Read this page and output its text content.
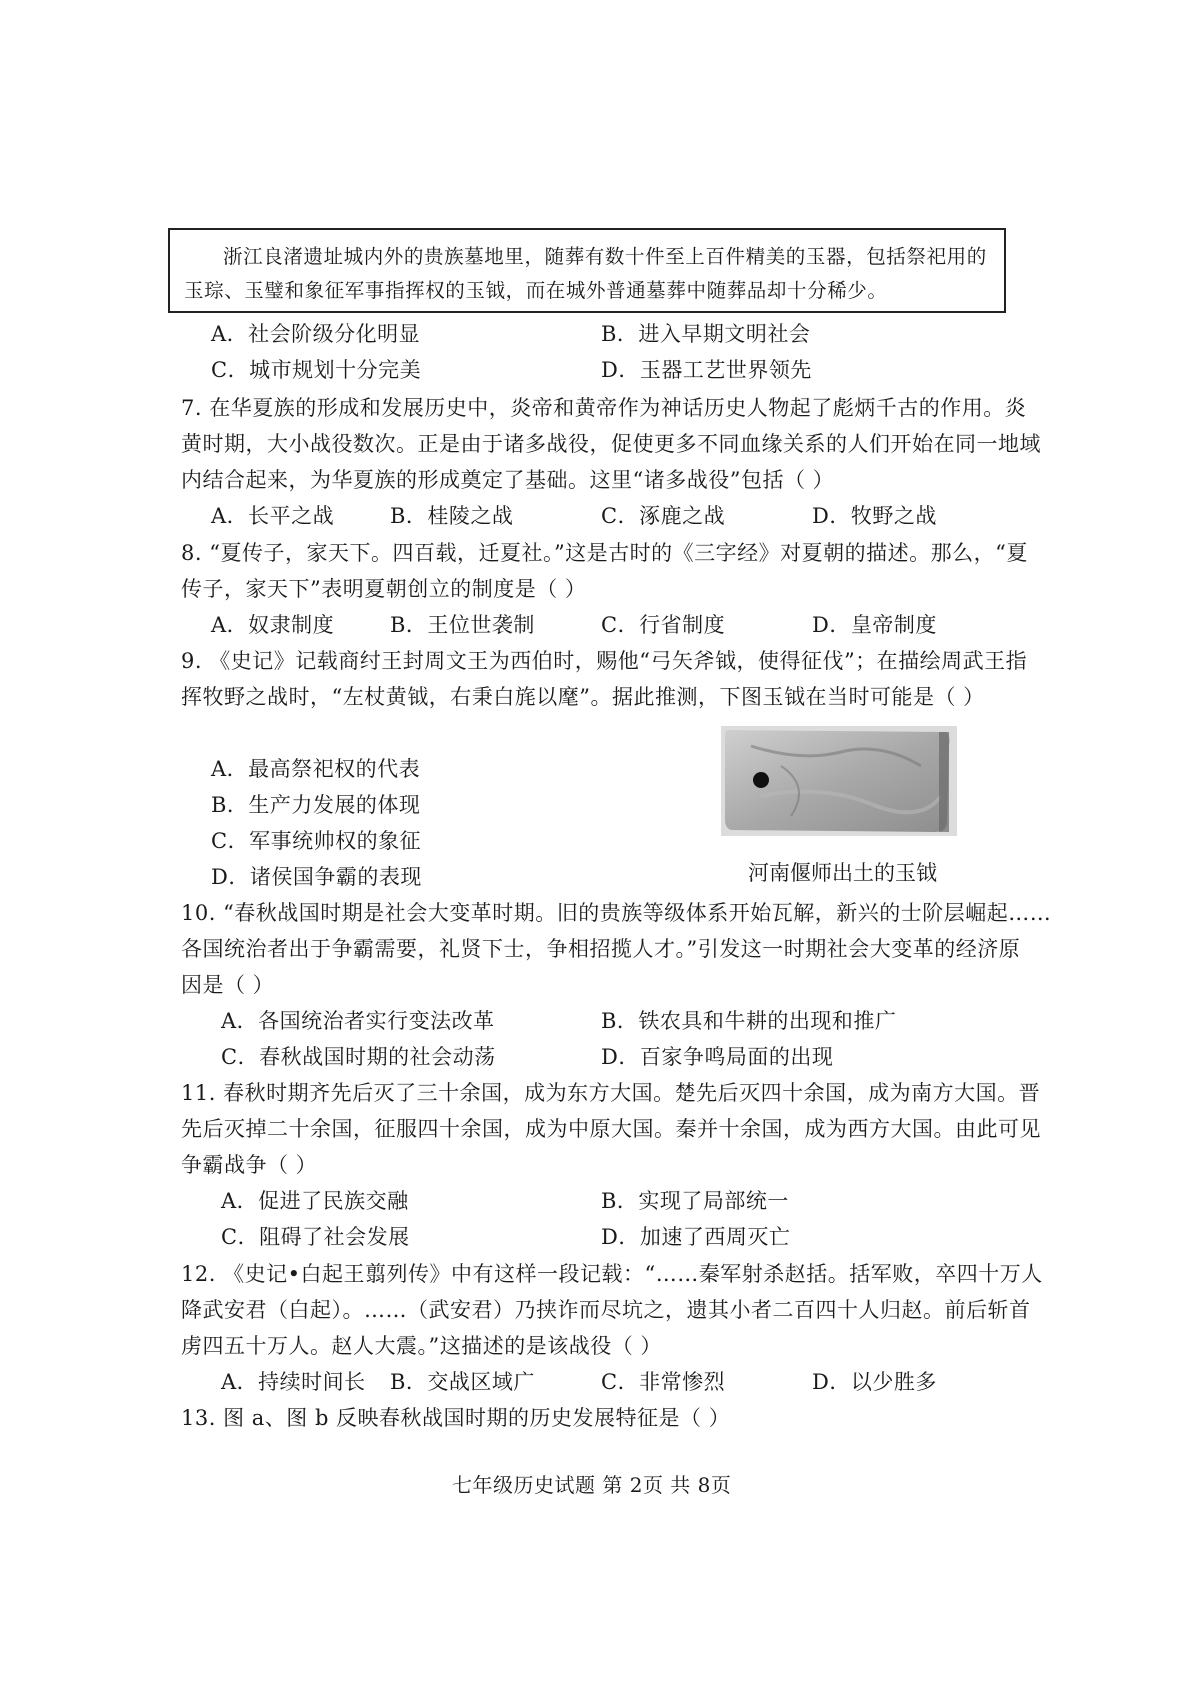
浙江良渚遗址城内外的贵族墓地里，随葬有数十件至上百件精美的玉器，包括祭祀用的玉琮、玉璧和象征军事指挥权的玉钺，而在城外普通墓葬中随葬品却十分稀少。

A．社会阶级分化明显	B．进入早期文明社会
C．城市规划十分完美	D．玉器工艺世界领先
7. 在华夏族的形成和发展历史中，炎帝和黄帝作为神话历史人物起了彪炳千古的作用。炎
黄时期，大小战役数次。正是由于诸多战役，促使更多不同血缘关系的人们开始在同一地域
内结合起来，为华夏族的形成奠定了基础。这里“诸多战役”包括（ ）
A．长平之战	B．桂陵之战	C．涿鹿之战	D．牧野之战
8. “夏传子，家天下。四百载，迁夏社。”这是古时的《三字经》对夏朝的描述。那么，“夏
传子，家天下”表明夏朝创立的制度是（ ）
A．奴隶制度	B．王位世袭制	C．行省制度	D．皇帝制度
9. 《史记》记载商纣王封周文王为西伯时，赐他“弓矢斧钺，使得征伐”；在描绘周武王指
挥牧野之战时，“左杖黄钺，右秉白旄以麾”。据此推测，下图玉钺在当时可能是（ ）
A．最高祭祀权的代表
B．生产力发展的体现
C．军事统帅权的象征
D．诸侯国争霸的表现	河南偃师出土的玉钺
10. “春秋战国时期是社会大变革时期。旧的贵族等级体系开始瓦解，新兴的士阶层崛起……
各国统治者出于争霸需要，礼贤下士，争相招揽人才。”引发这一时期社会大变革的经济原
因是（ ）
A．各国统治者实行变法改革	B．铁农具和牛耕的出现和推广
C．春秋战国时期的社会动荡	D．百家争鸣局面的出现
11. 春秋时期齐先后灭了三十余国，成为东方大国。楚先后灭四十余国，成为南方大国。晋
先后灭掉二十余国，征服四十余国，成为中原大国。秦并十余国，成为西方大国。由此可见
争霸战争（ ）
A．促进了民族交融	B．实现了局部统一
C．阻碍了社会发展	D．加速了西周灭亡
12. 《史记•白起王翦列传》中有这样一段记载：“……秦军射杀赵括。括军败，卒四十万人
降武安君（白起）。……（武安君）乃挟诈而尽坑之，遗其小者二百四十人归赵。前后斩首
虏四五十万人。赵人大震。”这描述的是该战役（ ）
A．持续时间长 B．交战区域广	C．非常惨烈	D．以少胜多
13. 图 a、图 b 反映春秋战国时期的历史发展特征是（ ）
七年级历史试题 第 2页 共 8页
